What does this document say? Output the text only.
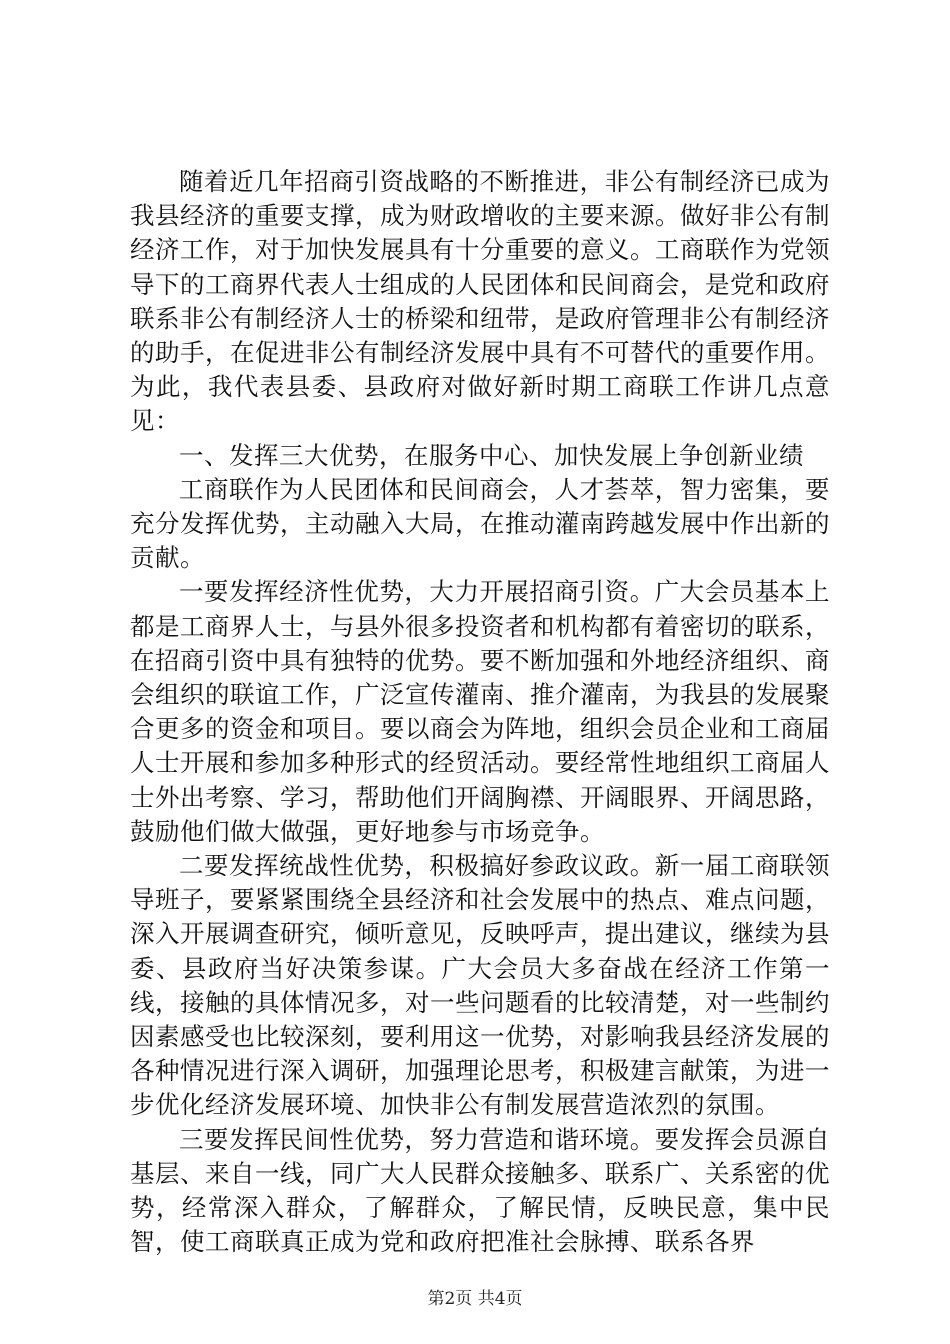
随着近几年招商引资战略的不断推进，非公有制经济已成为我县经济的重要支撑，成为财政增收的主要来源。做好非公有制经济工作，对于加快发展具有十分重要的意义。工商联作为党领导下的工商界代表人士组成的人民团体和民间商会，是党和政府联系非公有制经济人士的桥梁和纽带，是政府管理非公有制经济的助手，在促进非公有制经济发展中具有不可替代的重要作用。为此，我代表县委、县政府对做好新时期工商联工作讲几点意见：

一、发挥三大优势，在服务中心、加快发展上争创新业绩

工商联作为人民团体和民间商会，人才荟萃，智力密集，要充分发挥优势，主动融入大局，在推动灌南跨越发展中作出新的贡献。

一要发挥经济性优势，大力开展招商引资。广大会员基本上都是工商界人士，与县外很多投资者和机构都有着密切的联系，在招商引资中具有独特的优势。要不断加强和外地经济组织、商会组织的联谊工作，广泛宣传灌南、推介灌南，为我县的发展聚合更多的资金和项目。要以商会为阵地，组织会员企业和工商届人士开展和参加多种形式的经贸活动。要经常性地组织工商届人士外出考察、学习，帮助他们开阔胸襟、开阔眼界、开阔思路，鼓励他们做大做强，更好地参与市场竞争。

二要发挥统战性优势，积极搞好参政议政。新一届工商联领导班子，要紧紧围绕全县经济和社会发展中的热点、难点问题，深入开展调查研究，倾听意见，反映呼声，提出建议，继续为县委、县政府当好决策参谋。广大会员大多奋战在经济工作第一线，接触的具体情况多，对一些问题看的比较清楚，对一些制约因素感受也比较深刻，要利用这一优势，对影响我县经济发展的各种情况进行深入调研，加强理论思考，积极建言献策，为进一步优化经济发展环境、加快非公有制发展营造浓烈的氛围。

三要发挥民间性优势，努力营造和谐环境。要发挥会员源自基层、来自一线，同广大人民群众接触多、联系广、关系密的优势，经常深入群众，了解群众，了解民情，反映民意，集中民智，使工商联真正成为党和政府把准社会脉搏、联系各界

第2页 共4页
